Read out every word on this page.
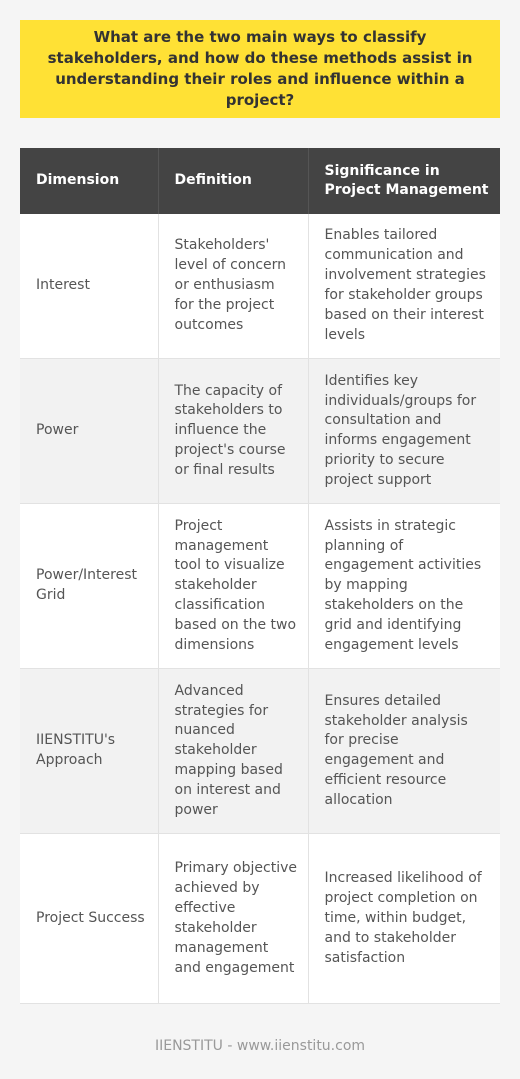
What are the two main ways to classify stakeholders, and how do these methods assist in understanding their roles and influence within a project?
Dimension	Definition	Significance in Project Management
Interest	Stakeholders' level of concern or enthusiasm for the project outcomes	Enables tailored communication and involvement strategies for stakeholder groups based on their interest levels
Power	The capacity of stakeholders to influence the project's course or final results	Identifies key individuals/groups for consultation and informs engagement priority to secure project support
Power/Interest Grid	Project management tool to visualize stakeholder classification based on the two dimensions	Assists in strategic planning of engagement activities by mapping stakeholders on the grid and identifying engagement levels
IIENSTITU's Approach	Advanced strategies for nuanced stakeholder mapping based on interest and power	Ensures detailed stakeholder analysis for precise engagement and efficient resource allocation
Project Success	Primary objective achieved by effective stakeholder management and engagement	Increased likelihood of project completion on time, within budget, and to stakeholder satisfaction
IIENSTITU - www.iienstitu.com
